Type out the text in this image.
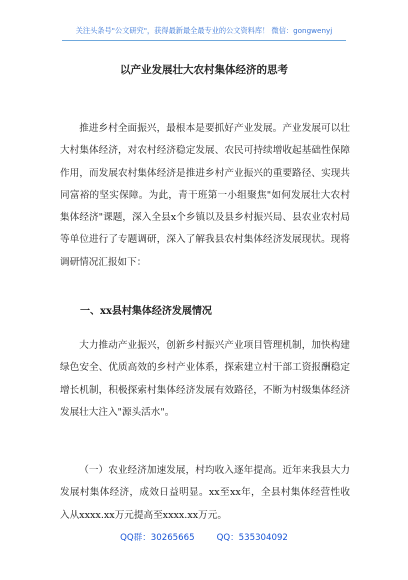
关注头条号"公文研究"，获得最新最全最专业的公文资料库！ 微信：gongwenyj
以产业发展壮大农村集体经济的思考

推进乡村全面振兴，最根本是要抓好产业发展。产业发展可以壮大村集体经济，对农村经济稳定发展、农民可持续增收起基础性保障作用，而发展农村集体经济是推进乡村产业振兴的重要路径、实现共同富裕的坚实保障。为此，青干班第一小组聚焦"如何发展壮大农村集体经济"课题，深入全县x个乡镇以及县乡村振兴局、县农业农村局等单位进行了专题调研，深入了解我县农村集体经济发展现状。现将调研情况汇报如下：

一、xx县村集体经济发展情况

大力推动产业振兴，创新乡村振兴产业项目管理机制，加快构建绿色安全、优质高效的乡村产业体系，探索建立村干部工资报酬稳定增长机制，积极探索村集体经济发展有效路径，不断为村级集体经济发展壮大注入"源头活水"。

（一）农业经济加速发展，村均收入逐年提高。近年来我县大力发展村集体经济，成效日益明显。xx至xx年，全县村集体经营性收入从xxxx.xx万元提高至xxxx.xx万元。

QQ群：30265665	QQ：535304092
